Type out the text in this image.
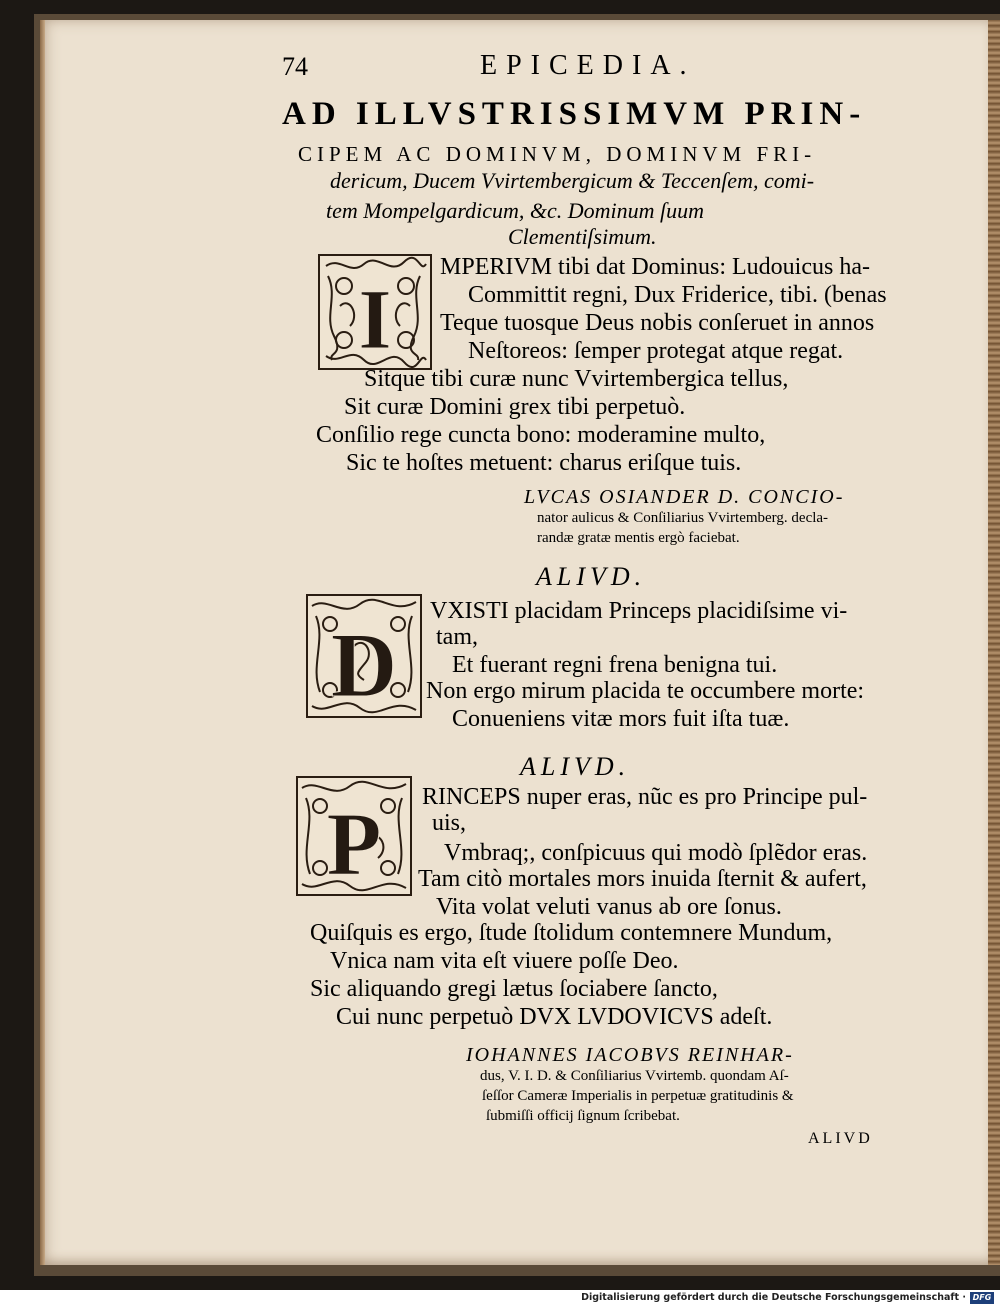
74	EPICEDIA.
AD ILLVSTRISSIMVM PRIN-
CIPEM AC DOMINVM, DOMINVM FRI-
dericum, Ducem Vvirtembergicum & Teccenſem, comi-
tem Mompelgardicum, &c. Dominum ſuum
Clementiſsimum.
I
MPERIVM tibi dat Dominus: Ludouicus ha-
Committit regni, Dux Friderice, tibi. (benas
Teque tuosque Deus nobis conſeruet in annos
Neſtoreos: ſemper protegat atque regat.
Sitque tibi curæ nunc Vvirtembergica tellus,
Sit curæ Domini grex tibi perpetuò.
Conſilio rege cuncta bono: moderamine multo,
Sic te hoſtes metuent: charus eriſque tuis.
LVCAS OSIANDER D. CONCIO-
nator aulicus & Conſiliarius Vvirtemberg. decla-
randæ gratæ mentis ergò faciebat.
ALIVD.
D
VXISTI placidam Princeps placidiſsime vi-
tam,
Et fuerant regni frena benigna tui.
Non ergo mirum placida te occumbere morte:
Conueniens vitæ mors fuit iſta tuæ.
ALIVD.
P RINCEPS nuper eras, nũc es pro Principe pul-
uis,
Vmbraq;, conſpicuus qui modò ſplẽdor eras.
Tam citò mortales mors inuida ſternit & aufert,
Vita volat veluti vanus ab ore ſonus.
Quiſquis es ergo, ſtude ſtolidum contemnere Mundum,
Vnica nam vita eſt viuere poſſe Deo.
Sic aliquando gregi lætus ſociabere ſancto,
Cui nunc perpetuò DVX LVDOVICVS adeſt.
IOHANNES IACOBVS REINHAR-
dus, V. I. D. & Conſiliarius Vvirtemb. quondam Aſ-
ſeſſor Cameræ Imperialis in perpetuæ gratitudinis &
ſubmiſſi officij ſignum ſcribebat.
ALIVD
Digitalisierung gefördert durch die Deutsche Forschungsgemeinschaft · DFG
